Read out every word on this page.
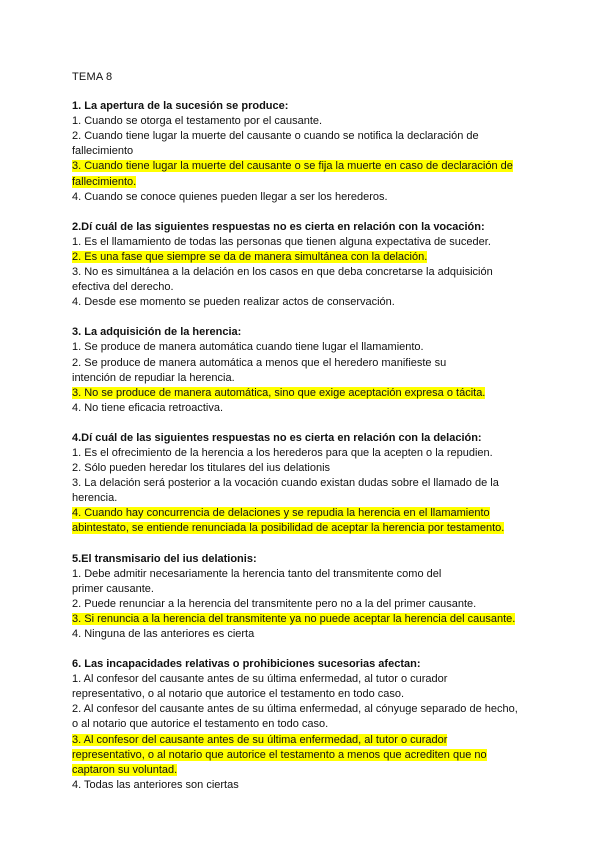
TEMA 8

1. La apertura de la sucesión se produce:

1. Cuando se otorga el testamento por el causante.

2. Cuando tiene lugar la muerte del causante o cuando se notifica la declaración de

fallecimiento

3. Cuando tiene lugar la muerte del causante o se fija la muerte en caso de declaración de

fallecimiento.

4. Cuando se conoce quienes pueden llegar a ser los herederos.

2.Dí cuál de las siguientes respuestas no es cierta en relación con la vocación:

1. Es el llamamiento de todas las personas que tienen alguna expectativa de suceder.

2. Es una fase que siempre se da de manera simultánea con la delación.

3. No es simultánea a la delación en los casos en que deba concretarse la adquisición

efectiva del derecho.

4. Desde ese momento se pueden realizar actos de conservación.

3. La adquisición de la herencia:

1. Se produce de manera automática cuando tiene lugar el llamamiento.

2. Se produce de manera automática a menos que el heredero manifieste su

intención de repudiar la herencia.

3. No se produce de manera automática, sino que exige aceptación expresa o tácita.

4. No tiene eficacia retroactiva.

4.Dí cuál de las siguientes respuestas no es cierta en relación con la delación:

1. Es el ofrecimiento de la herencia a los herederos para que la acepten o la repudien.

2. Sólo pueden heredar los titulares del ius delationis

3. La delación será posterior a la vocación cuando existan dudas sobre el llamado de la

herencia.

4. Cuando hay concurrencia de delaciones y se repudia la herencia en el llamamiento

abintestato, se entiende renunciada la posibilidad de aceptar la herencia por testamento.

5.El transmisario del ius delationis:

1. Debe admitir necesariamente la herencia tanto del transmitente como del

primer causante.

2. Puede renunciar a la herencia del transmitente pero no a la del primer causante.

3. Si renuncia a la herencia del transmitente ya no puede aceptar la herencia del causante.

4. Ninguna de las anteriores es cierta

6. Las incapacidades relativas o prohibiciones sucesorias afectan:

1. Al confesor del causante antes de su última enfermedad, al tutor o curador

representativo, o al notario que autorice el testamento en todo caso.

2. Al confesor del causante antes de su última enfermedad, al cónyuge separado de hecho,

o al notario que autorice el testamento en todo caso.

3. Al confesor del causante antes de su última enfermedad, al tutor o curador

representativo, o al notario que autorice el testamento a menos que acrediten que no

captaron su voluntad.

4. Todas las anteriores son ciertas
